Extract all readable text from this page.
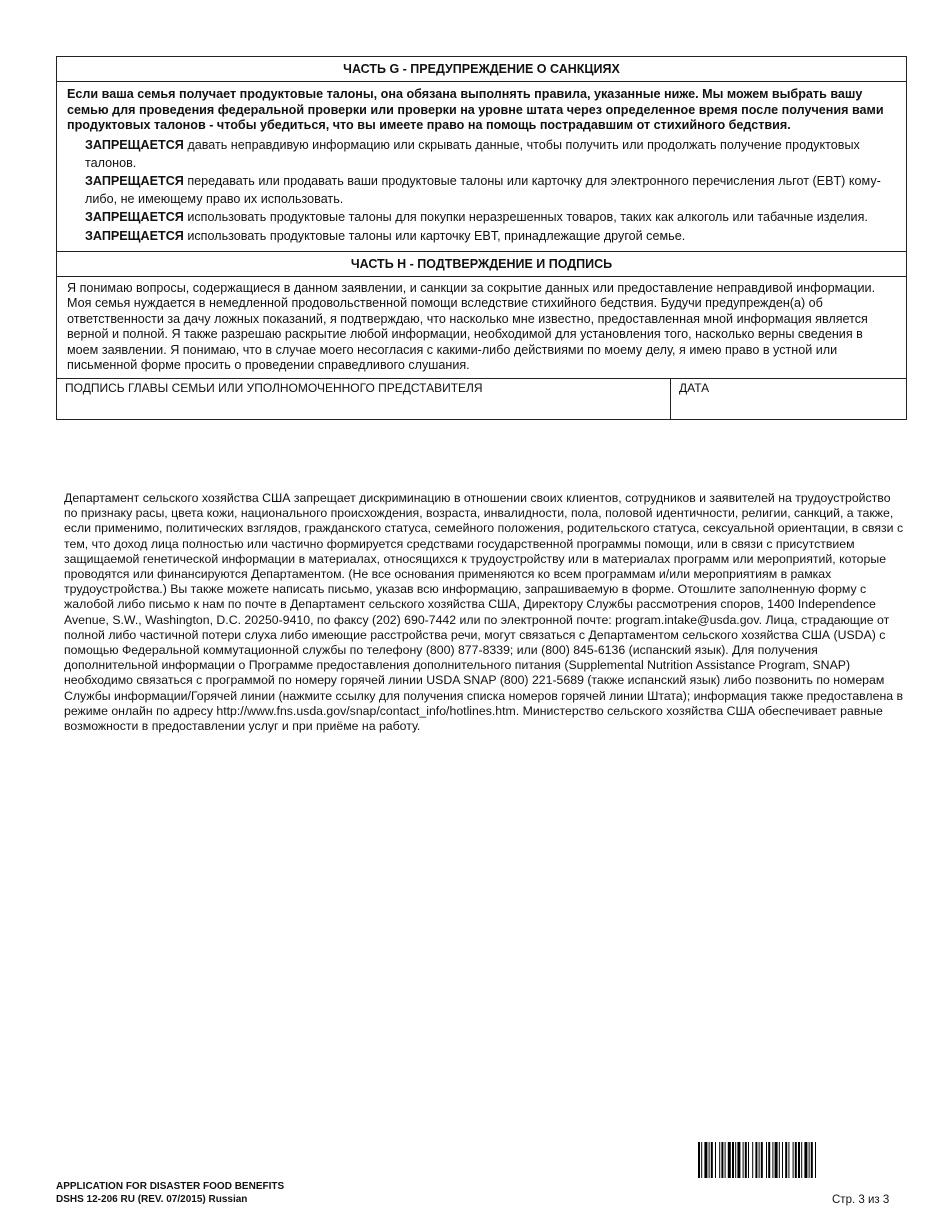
ЧАСТЬ G - ПРЕДУПРЕЖДЕНИЕ О САНКЦИЯХ

Если ваша семья получает продуктовые талоны, она обязана выполнять правила, указанные ниже. Мы можем выбрать вашу семью для проведения федеральной проверки или проверки на уровне штата через определенное время после получения вами продуктовых талонов - чтобы убедиться, что вы имеете право на помощь пострадавшим от стихийного бедствия.

ЗАПРЕЩАЕТСЯ давать неправдивую информацию или скрывать данные, чтобы получить или продолжать получение продуктовых талонов.

ЗАПРЕЩАЕТСЯ передавать или продавать ваши продуктовые талоны или карточку для электронного перечисления льгот (EBT) кому-либо, не имеющему право их использовать.

ЗАПРЕЩАЕТСЯ использовать продуктовые талоны для покупки неразрешенных товаров, таких как алкоголь или табачные изделия.

ЗАПРЕЩАЕТСЯ использовать продуктовые талоны или карточку EBT, принадлежащие другой семье.

ЧАСТЬ H - ПОДТВЕРЖДЕНИЕ И ПОДПИСЬ
Я понимаю вопросы, содержащиеся в данном заявлении, и санкции за сокрытие данных или предоставление неправдивой информации. Моя семья нуждается в немедленной продовольственной помощи вследствие стихийного бедствия. Будучи предупрежден(а) об ответственности за дачу ложных показаний, я подтверждаю, что насколько мне известно, предоставленная мной информация является верной и полной. Я также разрешаю раскрытие любой информации, необходимой для установления того, насколько верны сведения в моем заявлении. Я понимаю, что в случае моего несогласия с какими-либо действиями по моему делу, я имею право в устной или письменной форме просить о проведении справедливого слушания.
ПОДПИСЬ ГЛАВЫ СЕМЬИ ИЛИ УПОЛНОМОЧЕННОГО ПРЕДСТАВИТЕЛЯ	ДАТА
Департамент сельского хозяйства США запрещает дискриминацию в отношении своих клиентов, сотрудников и заявителей на трудоустройство по признаку расы, цвета кожи, национального происхождения, возраста, инвалидности, пола, половой идентичности, религии, санкций, а также, если применимо, политических взглядов, гражданского статуса, семейного положения, родительского статуса, сексуальной ориентации, в связи с тем, что доход лица полностью или частично формируется средствами государственной программы помощи, или в связи с присутствием защищаемой генетической информации в материалах, относящихся к трудоустройству или в материалах программ или мероприятий, которые проводятся или финансируются Департаментом. (Не все основания применяются ко всем программам и/или мероприятиям в рамках трудоустройства.) Вы также можете написать письмо, указав всю информацию, запрашиваемую в форме. Отошлите заполненную форму с жалобой либо письмо к нам по почте в Департамент сельского хозяйства США, Директору Службы рассмотрения споров, 1400 Independence Avenue, S.W., Washington, D.C. 20250-9410, по факсу (202) 690-7442 или по электронной почте: program.intake@usda.gov. Лица, страдающие от полной либо частичной потери слуха либо имеющие расстройства речи, могут связаться с Департаментом сельского хозяйства США (USDA) с помощью Федеральной коммутационной службы по телефону (800) 877-8339; или (800) 845-6136 (испанский язык). Для получения дополнительной информации о Программе предоставления дополнительного питания (Supplemental Nutrition Assistance Program, SNAP) необходимо связаться с программой по номеру горячей линии USDA SNAP (800) 221-5689 (также испанский язык) либо позвонить по номерам Службы информации/Горячей линии (нажмите ссылку для получения списка номеров горячей линии Штата); информация также предоставлена в режиме онлайн по адресу http://www.fns.usda.gov/snap/contact_info/hotlines.htm. Министерство сельского хозяйства США обеспечивает равные возможности в предоставлении услуг и при приёме на работу.
APPLICATION FOR DISASTER FOOD BENEFITS
DSHS 12-206 RU (REV. 07/2015) Russian	Стр. 3 из 3
